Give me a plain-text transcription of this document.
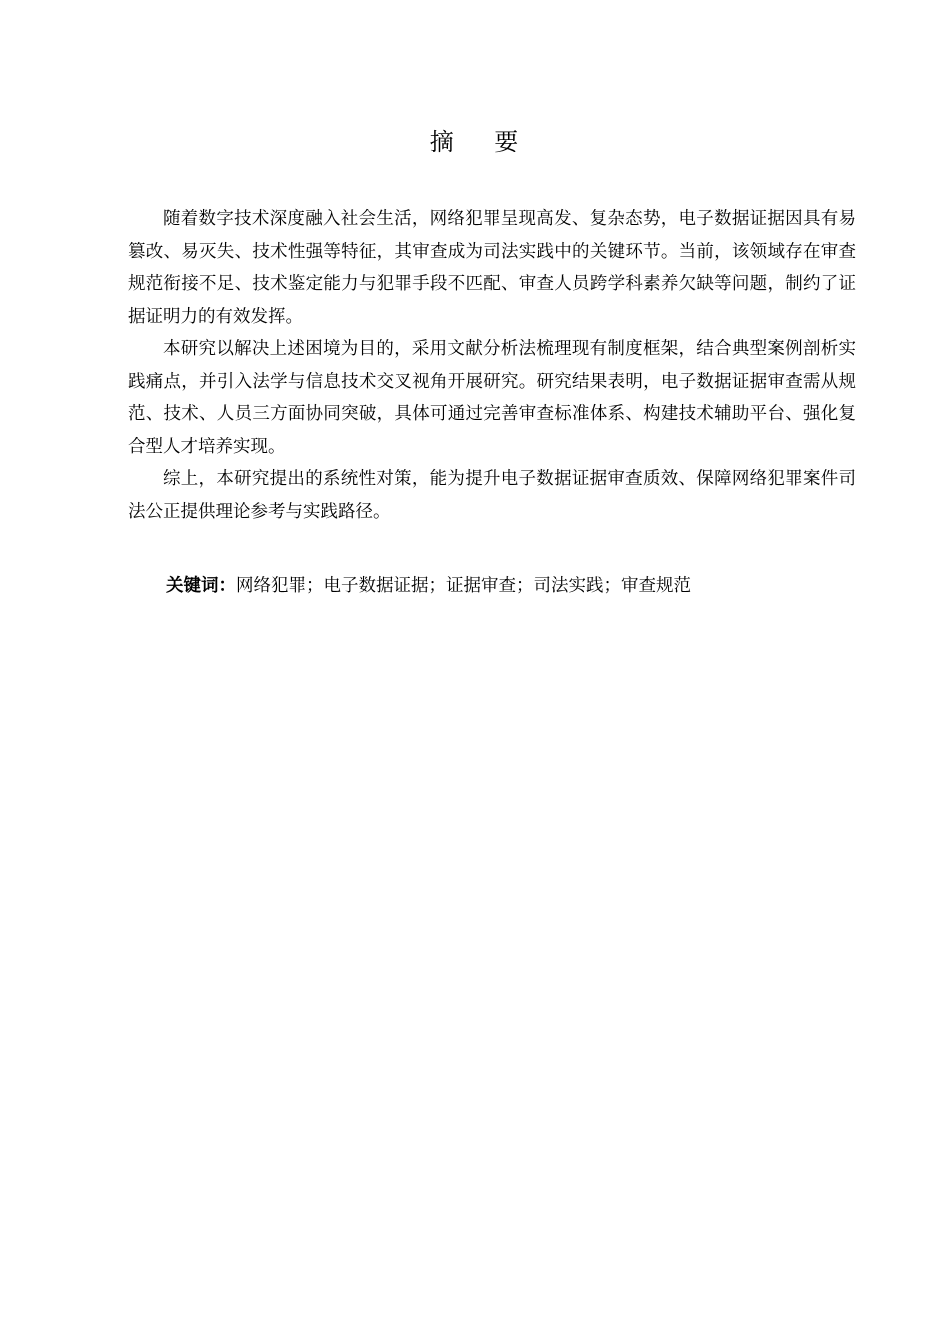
摘    要

随着数字技术深度融入社会生活，网络犯罪呈现高发、复杂态势，电子数据证据因具有易篡改、易灭失、技术性强等特征，其审查成为司法实践中的关键环节。当前，该领域存在审查规范衔接不足、技术鉴定能力与犯罪手段不匹配、审查人员跨学科素养欠缺等问题，制约了证据证明力的有效发挥。

本研究以解决上述困境为目的，采用文献分析法梳理现有制度框架，结合典型案例剖析实践痛点，并引入法学与信息技术交叉视角开展研究。研究结果表明，电子数据证据审查需从规范、技术、人员三方面协同突破，具体可通过完善审查标准体系、构建技术辅助平台、强化复合型人才培养实现。

综上，本研究提出的系统性对策，能为提升电子数据证据审查质效、保障网络犯罪案件司法公正提供理论参考与实践路径。

关键词：网络犯罪；电子数据证据；证据审查；司法实践；审查规范
